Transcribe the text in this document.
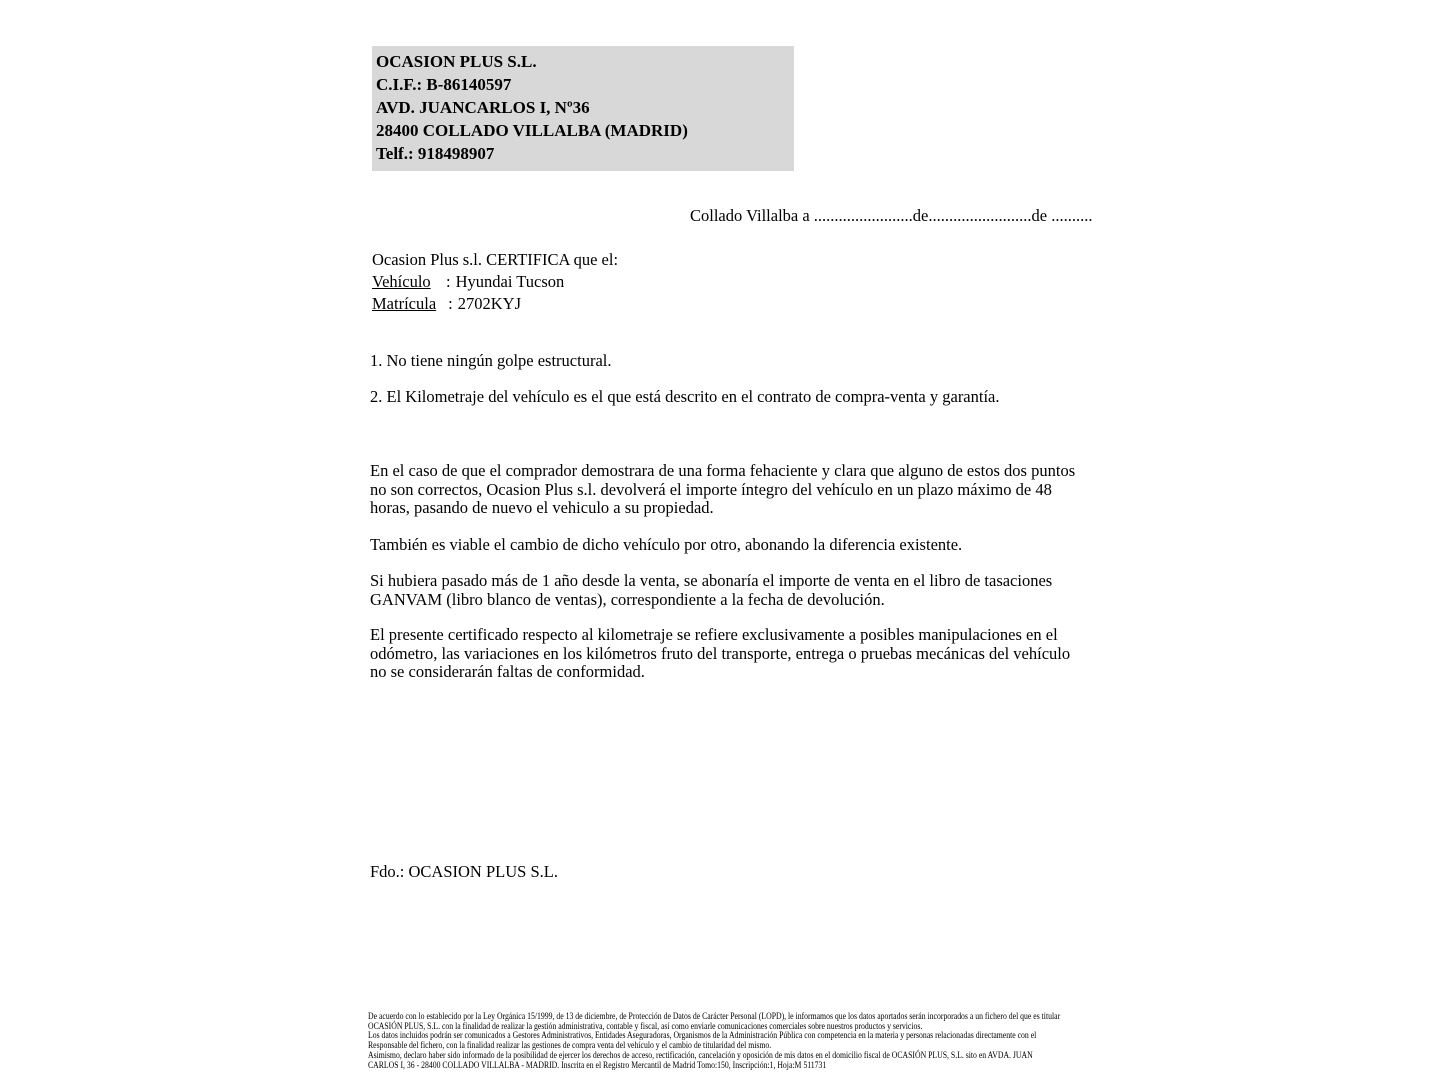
OCASION PLUS S.L.
C.I.F.: B-86140597
AVD. JUANCARLOS I, Nº36
28400 COLLADO VILLALBA (MADRID)
Telf.: 918498907
Collado Villalba a ........................de.........................de ..........
Ocasion Plus s.l. CERTIFICA que el:
Vehículo : Hyundai Tucson
Matrícula : 2702KYJ
1. No tiene ningún golpe estructural.
2. El Kilometraje del vehículo es el que está descrito en el contrato de compra-venta y garantía.

En el caso de que el comprador demostrara de una forma fehaciente y clara que alguno de estos dos puntos no son correctos, Ocasion Plus s.l. devolverá el importe íntegro del vehículo en un plazo máximo de 48 horas, pasando de nuevo el vehiculo a su propiedad.

También es viable el cambio de dicho vehículo por otro, abonando la diferencia existente.

Si hubiera pasado más de 1 año desde la venta, se abonaría el importe de venta en el libro de tasaciones GANVAM (libro blanco de ventas), correspondiente a la fecha de devolución.

El presente certificado respecto al kilometraje se refiere exclusivamente a posibles manipulaciones en el odómetro, las variaciones en los kilómetros fruto del transporte, entrega o pruebas mecánicas del vehículo no se considerarán faltas de conformidad.

Fdo.: OCASION PLUS S.L.
De acuerdo con lo establecido por la Ley Orgánica 15/1999, de 13 de diciembre, de Protección de Datos de Carácter Personal (LOPD), le informamos que los datos aportados serán incorporados a un fichero del que es titular
OCASIÓN PLUS, S.L. con la finalidad de realizar la gestión administrativa, contable y fiscal, así como enviarle comunicaciones comerciales sobre nuestros productos y servicios.
Los datos incluidos podrán ser comunicados a Gestores Administrativos, Entidades Aseguradoras, Organismos de la Administración Pública con competencia en la materia y personas relacionadas directamente con el
Responsable del fichero, con la finalidad realizar las gestiones de compra venta del vehículo y el cambio de titularidad del mismo.
Asimismo, declaro haber sido informado de la posibilidad de ejercer los derechos de acceso, rectificación, cancelación y oposición de mis datos en el domicilio fiscal de OCASIÓN PLUS, S.L. sito en AVDA. JUAN
CARLOS I, 36 - 28400 COLLADO VILLALBA - MADRID. Inscrita en el Registro Mercantil de Madrid Tomo:150, Inscripción:1, Hoja:M 511731
